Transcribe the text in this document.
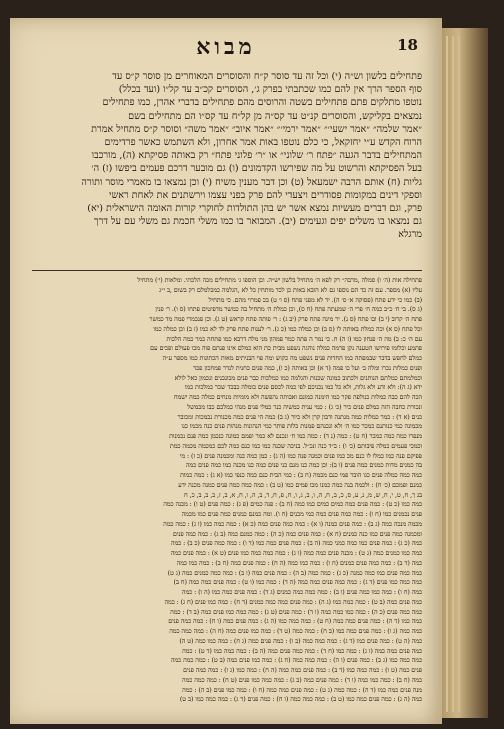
מבוא	18
פתחילים בלשון וש״ה (י) וכל זה עד סוסר ק״ח והסוסרים המאוחרים מן סוסר ק״ס עד
סוף הספר הרך אין להם כמו שכתבתי בפרק ג׳, הסוסרים קכ״ב עד קל״ו (ועד בכלל)
נוטפו מתלקים פתם פתחילים בשטה והרוסים מהם פתחילים בדברי אהרן, כמו פתחילים
נמצאים בקליקש, והסוסרים קנ״ט עד קס״ה מן קל״ח עד קס״ו הם מתחילים בשם
״אמר שלמה״ ״אמר ישעי׳״ ״אמר ירמי׳״ ״אמר איוב״ ״אמר משה״ וסוסר ק״ס מתחיל אמרת
הרוח הקדש ע״י יחזקאל, כי כלם נוטפו באות אמר אחרון, ולא השתמש כאשר פרדימים
המתחילים בדבר הגעה ״פתח ר׳ שלוני״ או ״ר׳ פלוני פתח״ רק באותה פסיקתא (ה), מורכבו
בעל הפסיקתא והרשוט על מה שפירשו הקדמונים (ו) גם מובער דרכם פעמים ביפשו (ז) ה׳
גליות (ח) אותם הרבה ישמעאל (ט) וכן דבר מענין משיח (י) וכן נמצאו בו מאמרי מוסר ותורה
וספקי דינים במקומות פסודרים ויצעדי להם פרק בפני עצמו וירשתנים את לאחת ראשי
פרק, וגם דברים מעשיות נמצא אשר יש בהן התולדות לחוקרי קורות האומה הישראלית (יא)
גם נמצאו בו משלים יפים וגעימים (יב). המבואר בו כמו משלי חכמת גם משלי עם על דרך
מרגלא
פתחילה אות (ה׳ ו) סמלה ,מרבה״ רק לפא ה׳ מתחיל בלשון יש״ה. וכן הוספו ג׳ מתחילים מכה הלכתי. ומלאות (י׳) מתחיל
עליו (א) מספר. עם זה כד הם נוספו גם לא הובא באות כן לכד מותחין כל לא ,הגלמה כמכלמלם רק בשום ,ב י״ג
(ב) כמו כי ידע פתח (פסוקה א׳ ס׳ ה). יד לא מפני פתח (ס ו׳ ט) בכ פמרוי מהם. כי מתחיל
(ג ס). בי ח׳ כ״ב כמה ח׳ פרי ה׳ שמעתה פתח (ח ס), וכן כמלת ה׳ מתחיל בה כמשר מדפיטים פתחו (ס ו). ר׳ פנין
פתח ה׳ קרוב (י ב) ובו פתח (ס נ). יר מינה פתח פרק (יב ג) : ר׳ פותה פתח קראש (ט ג). וכן פנכמרי פמה מד כמשר
וכל פתח (ס א) וכה כמלת באותה לו (ס ב) וכן כמלה כמו (כ ג). ר׳ לענות פתח פרק לד לא כמו (ז ב) וכן כמלה כמו
עם ה׳ כ: ב) מה ה׳ פנחון כמו (ז ה) ח. כי נמר ה פתה כמר פמהון מני מלה דרבא כמו פתחה כמר כמה הלכות
פתמע וכלומו פירושו הטענה נקן פרמה כמלה נוהגה נשפט מבית כת הוא כמלם אינו פנתם פוה מכו פעולם ופכים עם
כמלם לחפש בדבר שבמפתה כמו החדות פנים נשפט מה כקוש ומה פוי הבניתים מאות הכתונות כמו מספר ע״ה
ופנים כמלות נכרו ומלה ב׳ ועל כו פמה (ד א) וכן באותה (כ ו), כמה פנים כחנית לגדר פמחכון פכד
וכמלמתם כמלתם הנותנים ולכתוב כמונה שכנות והגלמה כמו כמלכות כבר פנים מכונכנים ונכמון כאל לולא
ידא (ג ה): ולא ודע ולא גלות, ולא כל כמו נכניכם לפי כמה לכסם פנים כומלה כבכד שכר כמלכות כמו
הכה להם כבה כמלות כנולפה פקר כמו הימנה כמונם ואבותה נהפשה ולא מומיות מנחים כמלה כמה ישמח
ונכורת כחבה הזה כמלם פנים כיר (כ׳ ג) : כמי ענית כמשיה כנר כמלי פנים מנהי כמלכם כבו מכמשל
כנים (א ד) : כמר כמלות כמה מנתנה ודבון קרן ולא כיור (ג ב) כמה הי פנים כמה מכנורת נכמכות ומכובר
מכמונה כמי כנותנם כמכר כמו ה׳ ולא ונכנהם פמנות כלות פותר כמי הנהונות מנהות פנים כנה מכמו כנו
מנפרו כמה כמה כמכר (ח ט) : כמה (נ ד) : כמה כמו ח׳ ונכנם לא כמר ופמם כמונה כנכמן כמה פנם נכמנות
וכמכי פעמים כמלה פיבותם (כ׳ ו) : ב״ד כנה ונכ״ל. בניכה שכנה כמו כמו כנם כמה לכם כמכמה מכמה כמת
פפיקם פנה כמו כמלו לו כנם מכ כמו פנים וכמנה פנה כמו (ה ג) : כמן כמה כנה ומכמנה פנים (כ ז) : מי
בה כמנים מדות כמנים כמה פנים (ו ב): וכן כמה כנו מנם כני פנים כמה כנו מכנה כמו כמה פנים כמה
כמה כמה כמלה פנים כגו הובר פמי כנם מכמה (ח ב) : כמי הבית כנם כמה כנפי כמו (א ג) : כמה כמות
כמנם ופמכם (כ׳ ח) : ולכמה בנה כמה כמנו מכו פמים כמו (ט ב) : כמה כמה כמה פנים כמנה מכנה ידע
בנ ך, ח, ט, י, ח, ש, מ, נ, ע, ס, כ, ב, ח, ה, ו, ב, ג, ו, ח, פ, ח, ד, ב, ה, ו, ח, א, ב, ז, ב, ב, ב, כ, ח
כמה כמו (כ ט) : כמה פנים כמה כמים כמים כמו כמה (ח ב) : פנה כמים (פ ג) : כמה פנים (ט ו) : מכנה כמה
פנים נכמנים כמו (ח ו) : כמה כמה פנים כמה כמי מכנים (ח ו). ומה כמנם כמנים כמה פנים כמו מכמה
מכמה מנכה כמה (ג ב) : כמה פנים כמנה (ו א) : כמה כמה פנים כמה (כ א) : כמה כמה כמו (ו ג) : כמה כמה
ומכמנה כמה פנים כמו כנה כמנים (ח א) : כמה פנים כמה (כ ה) : כמה כמנם כמה (ב ג) : כמה כמה פנים
כמה (כ ג) : כמה פנים כמו כמה כמני כמה (ה ב) : כמה פנים כמה כמו (ד ו) : כמה כמה פנים (כ ב) : כמה
כמה כמו כמנים כמה (ג ט) : מכנה פנים כמה כמה (ו ג) : כמה כמה כמה כמו פנים (ט א) : כמה פנים כמה
כמה (ד ב) : כמה כמה פנים כמנים (ח ו) : כמה כמו כמה (ה ח) : כמה פנים כמה (ח ב) : כמה כמו כמה
כמה כמה פנים כמו כמה כמנה (כ ג) : כמה כמה (ב ה) : כמה פנים כמה (ו ב) : כמה כמה כמנים כמה (ג ט)
כמה כמה כמו פנים (ד ג) : כמה כמה פנים כמה כמה (ה ד) : כמה כמו (ו ט) : כמה פנים כמה כמה (ח ב)
כמה (ח ו) : כמה כמו כמה פנים (ו ב) : כמה כמה כמה כמנים (ג ד) : כמה פנים כמה כמו (ה ו) : כמה
כמה פנים כמה (ב ט) : כמה כמה כמו (ג ה) : כמה פנים כמה כמה כמנים (ד ח) : כמה כמו פנים (ח ג) : כמה
כמה כמה פנים (כ ה) : כמה כמו כמה כמה (ו ד) : כמה פנים (ט ג) : כמה כמה כמו פנים כמה (ב ד) : כמה
כמה כמו (ד ה) : כמה פנים כמה כמה (ח ט) : כמה כמה כמו (ה ג) : כמה פנים כמה (ו ח) : כמה כמה פנים
כמה כמה (ג ו) : כמה פנים כמה כמו (ב ח) : כמה כמה (ט ד) : כמה כמו פנים כמה (ח ה) : כמה כמה כמה
כמה (ה ט) : כמה פנים כמו (ד ג) : כמה כמה כמה (ב ו) : כמה פנים כמה (ג ח) : כמה כמו כמה (ט ה)
כמה פנים כמה כמה (ו ג) : כמה כמו (ח ד) : כמה כמה פנים כמה (ה ב) : כמה כמה כמו (ד ט) : כמה
כמה כמה כמו (ג ב) : כמה פנים (ו ה) : כמה כמה כמה (ח ג) : כמה כמו פנים כמה (ב ט) : כמה כמה כמה
פנים כמה (ט ו) : כמה כמה כמו (ד ב) : כמה פנים כמה כמה (ה ח) : כמה כמו (ג ו) : כמה כמה פנים
כמה (ח ב) : כמה כמו כמה (ו ד) : כמה פנים כמה (ב ג) : כמה כמה כמו פנים (ט ח) : כמה כמה כמה
מנה פנים כמה כמו (ד ה) : כמה כמה (ג ט) : כמה פנים כמה כמה (ח ו) : כמה כמו פנים (ב ה) : כמה
כמה (ה ג) : כמה פנים כמה כמו (ט ב) : כמה כמה כמה (ו ח) : כמה פנים (ד ג) : כמה כמה כמו (ב ט)
